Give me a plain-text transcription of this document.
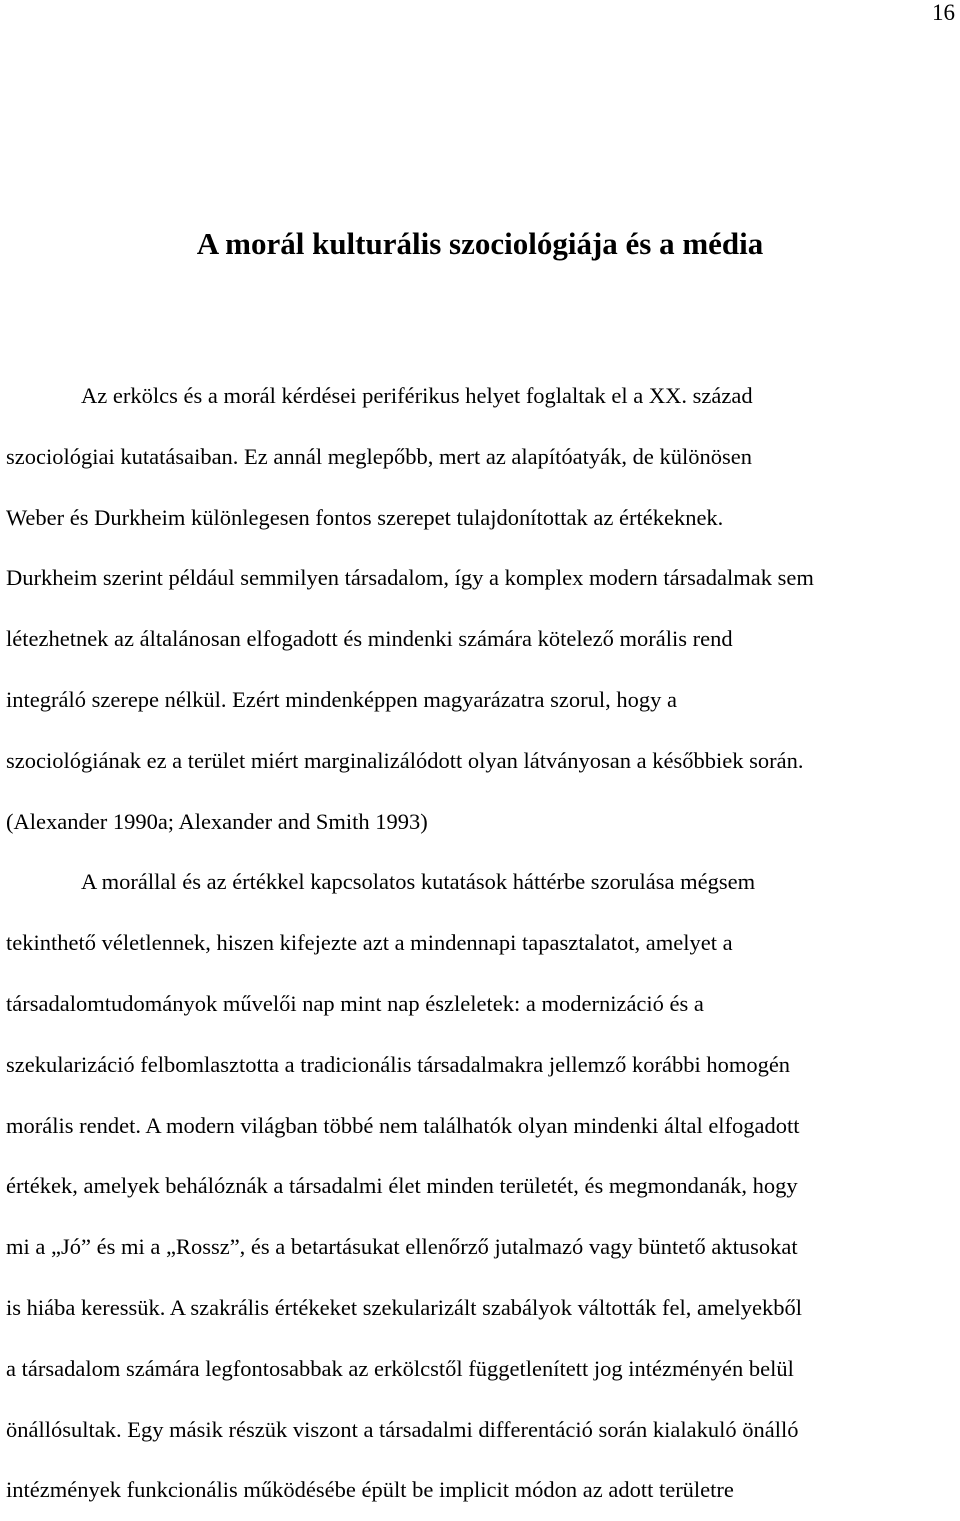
16
A morál kulturális szociológiája és a média
Az erkölcs és a morál kérdései periférikus helyet foglaltak el a XX. század
szociológiai kutatásaiban. Ez annál meglepőbb, mert az alapítóatyák, de különösen
Weber és Durkheim különlegesen fontos szerepet tulajdonítottak az értékeknek.
Durkheim szerint például semmilyen társadalom, így a komplex modern társadalmak sem
létezhetnek az általánosan elfogadott és mindenki számára kötelező morális rend
integráló szerepe nélkül. Ezért mindenképpen magyarázatra szorul, hogy a
szociológiának ez a terület miért marginalizálódott olyan látványosan a későbbiek során.
(Alexander 1990a; Alexander and Smith 1993)
A morállal és az értékkel kapcsolatos kutatások háttérbe szorulása mégsem
tekinthető véletlennek, hiszen kifejezte azt a mindennapi tapasztalatot, amelyet a
társadalomtudományok művelői nap mint nap észleletek: a modernizáció és a
szekularizáció felbomlasztotta a tradicionális társadalmakra jellemző korábbi homogén
morális rendet. A modern világban többé nem találhatók olyan mindenki által elfogadott
értékek, amelyek behálóznák a társadalmi élet minden területét, és megmondanák, hogy
mi a „Jó” és mi a „Rossz”, és a betartásukat ellenőrző jutalmazó vagy büntető aktusokat
is hiába keressük. A szakrális értékeket szekularizált szabályok váltották fel, amelyekből
a társadalom számára legfontosabbak az erkölcstől függetlenített jog intézményén belül
önállósultak. Egy másik részük viszont a társadalmi differentáció során kialakuló önálló
intézmények funkcionális működésébe épült be implicit módon az adott területre
